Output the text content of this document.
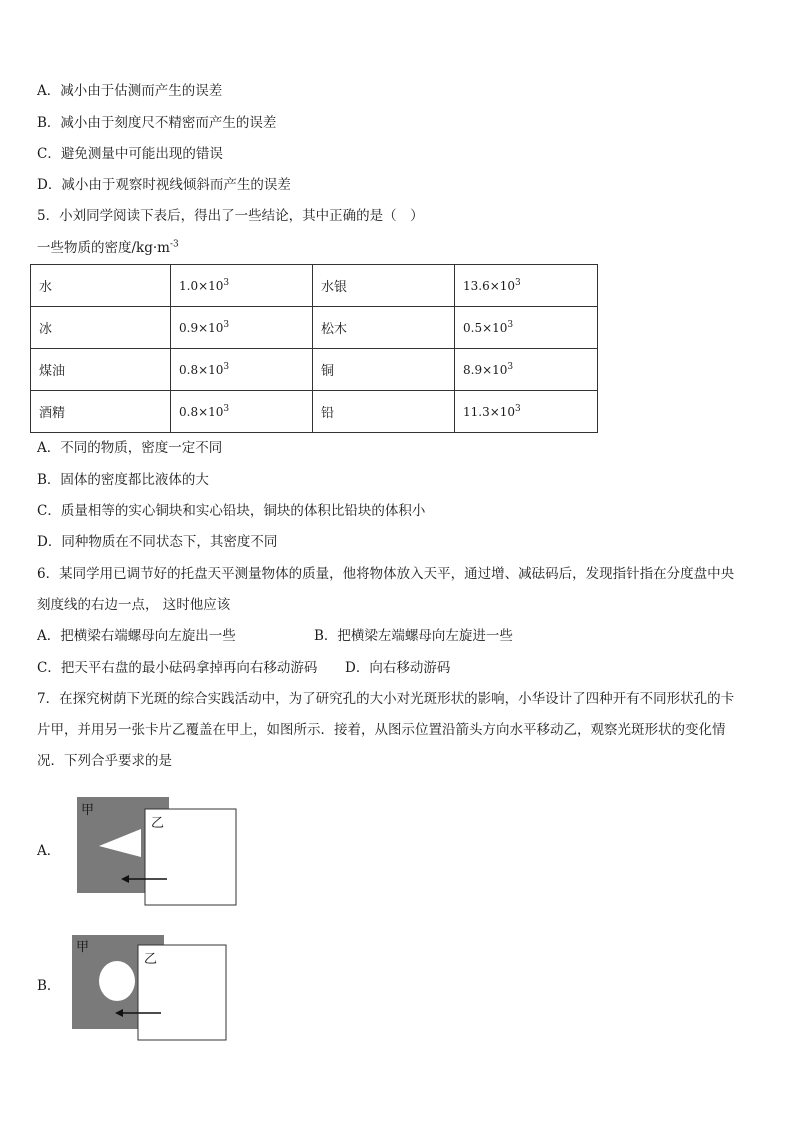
A．减小由于估测而产生的误差
B．减小由于刻度尺不精密而产生的误差
C．避免测量中可能出现的错误
D．减小由于观察时视线倾斜而产生的误差
5．小刘同学阅读下表后，得出了一些结论，其中正确的是（　）
一些物质的密度$/kg\cdot m^{-3}$
水	$1.0\times 10^3$	水银	$13.6\times 10^3$
冰	$0.9\times 10^3$	松木	$0.5\times 10^3$
煤油	$0.8\times 10^3$	铜	$8.9\times 10^3$
酒精	$0.8\times 10^3$	铅	$11.3\times 10^3$
A．不同的物质，密度一定不同
B．固体的密度都比液体的大
C．质量相等的实心铜块和实心铅块，铜块的体积比铅块的体积小
D．同种物质在不同状态下，其密度不同
6．某同学用已调节好的托盘天平测量物体的质量，他将物体放入天平，通过增、减砝码后，发现指针指在分度盘中央
刻度线的右边一点， 这时他应该
A．把横梁右端螺母向左旋出一些	B．把横梁左端螺母向左旋进一些
C．把天平右盘的最小砝码拿掉再向右移动游码 D．向右移动游码
7．在探究树荫下光斑的综合实践活动中，为了研究孔的大小对光斑形状的影响，小华设计了四种开有不同形状孔的卡
片甲，并用另一张卡片乙覆盖在甲上，如图所示．接着，从图示位置沿箭头方向水平移动乙，观察光斑形状的变化情
况．下列合乎要求的是
A．
甲
乙
B．
甲
乙
